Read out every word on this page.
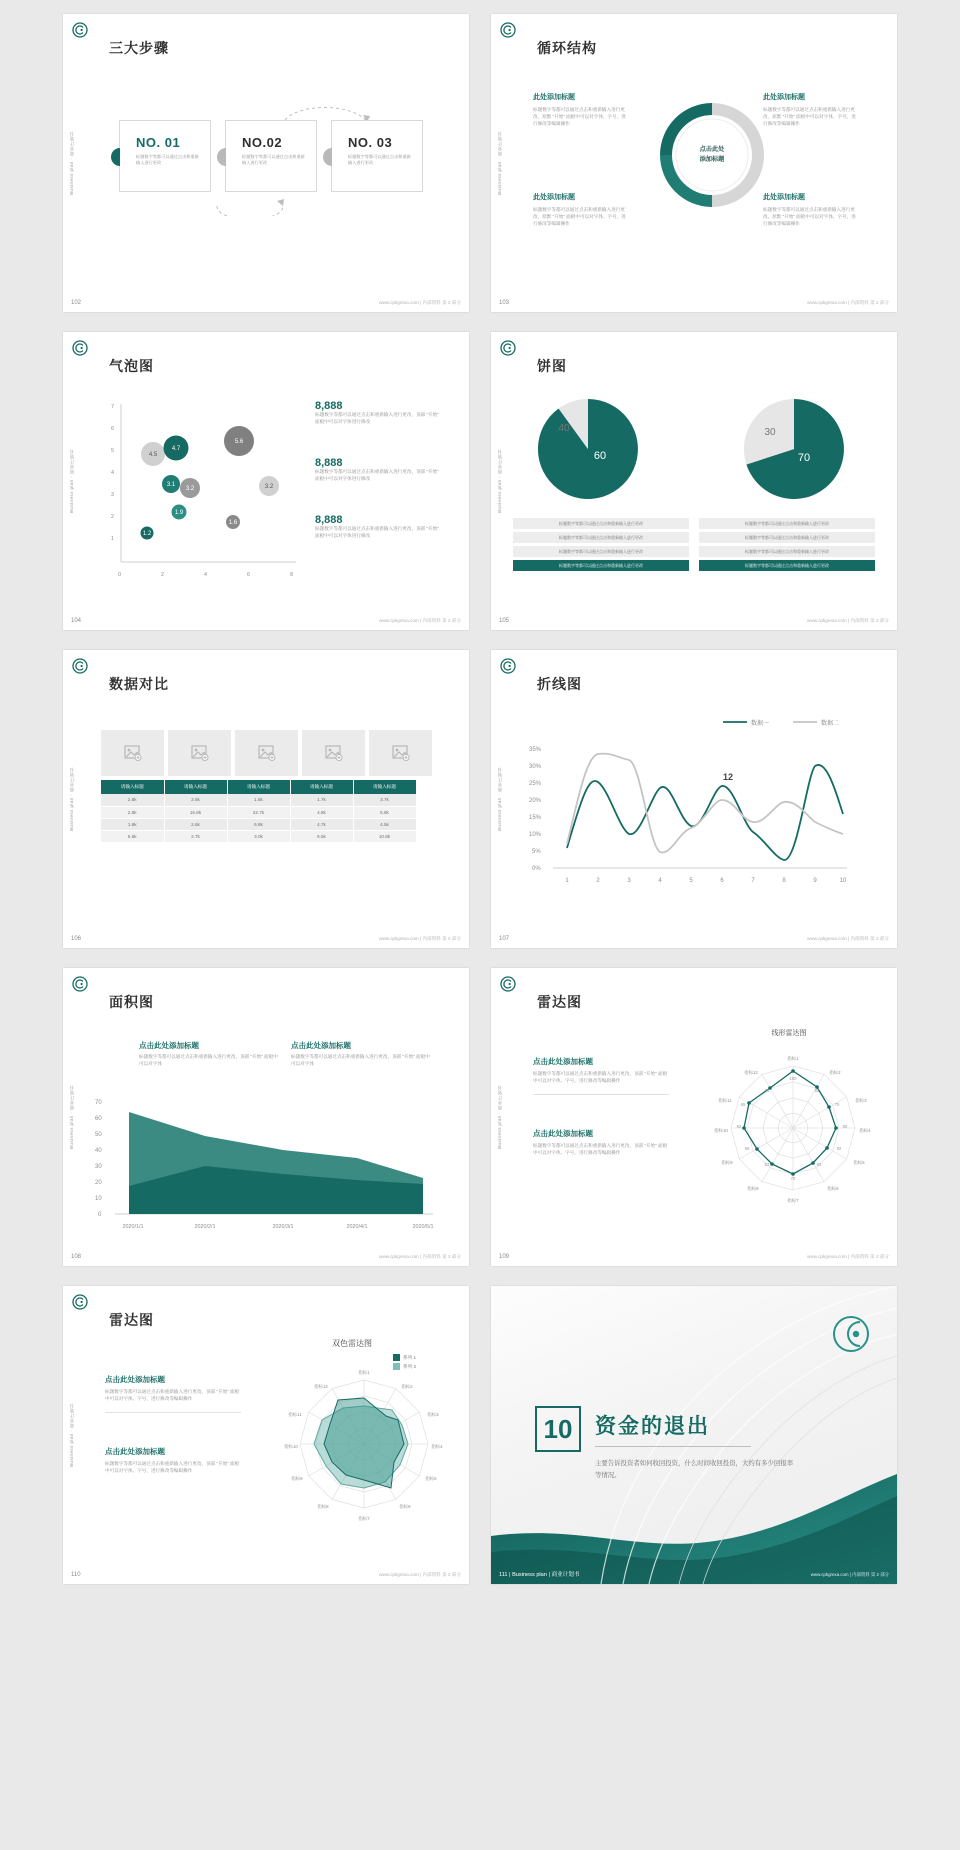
Business plan · 商业计划书
三大步骤
NO. 01
标题数字等都可以通过点击和重新输入进行更改
NO.02
标题数字等都可以通过点击和重新输入进行更改
NO. 03
标题数字等都可以通过点击和重新输入进行更改
102	www.cpkgrexa.com | 内部资料 第 2 部分
Business plan · 商业计划书
循环结构
点击此处
添加标题
此处添加标题
标题数字等都可以通过点击和重新输入进行更改，原默 “开始” 面板中可以对字体、字号，进行修改等编辑操作
此处添加标题
标题数字等都可以通过点击和重新输入进行更改，原默 “开始” 面板中可以对字体、字号，进行修改等编辑操作
此处添加标题
标题数字等都可以通过点击和重新输入进行更改，原默 “开始” 面板中可以对字体、字号，进行修改等编辑操作
此处添加标题
标题数字等都可以通过点击和重新输入进行更改，原默 “开始” 面板中可以对字体、字号，进行修改等编辑操作
103	www.cpkgrexa.com | 内部资料 第 2 部分
Business plan · 商业计划书
气泡图
7
6
5
4
3
2
1
0	2	4	6	8
4.5
4.7
3.1
3.2
5.6
3.2
1.9
1.2
1.6
8,888
标题数字等都可以通过点击和重新输入进行更改，顶部 “开始” 面板中可以对字体进行修改
8,888
标题数字等都可以通过点击和重新输入进行更改，顶部 “开始” 面板中可以对字体进行修改
8,888
标题数字等都可以通过点击和重新输入进行更改，顶部 “开始” 面板中可以对字体进行修改
104	www.cpkgrexa.com | 内部资料 第 2 部分
Business plan · 商业计划书
饼图
60
40
70
30
标题数字等都可以通过点击和重新输入进行更改
标题数字等都可以通过点击和重新输入进行更改
标题数字等都可以通过点击和重新输入进行更改
标题数字等都可以通过点击和重新输入进行更改
标题数字等都可以通过点击和重新输入进行更改
标题数字等都可以通过点击和重新输入进行更改
标题数字等都可以通过点击和重新输入进行更改
标题数字等都可以通过点击和重新输入进行更改
105	www.cpkgrexa.com | 内部资料 第 2 部分
Business plan · 商业计划书
数据对比
请输入标题	请输入标题	请输入标题	请输入标题	请输入标题
2.8k	2.5k	1.6k	1.7k	3.7k
2.8k	16.8k	22.7k	4.8k	5.8k
1.6k	2.6k	6.8k	4.7k	4.5k
5.6k	2.7k	3.0k	6.5k	10.8k
106	www.cpkgrexa.com | 内部资料 第 2 部分
Business plan · 商业计划书
折线图
35%
30%
25%
20%
15%
10%
5%
0%
1	2	3	4	5	6	7	8	9	10
12
数据一	数据二
107	www.cpkgrexa.com | 内部资料 第 2 部分
Business plan · 商业计划书
面积图
点击此处添加标题
标题数字等都可以通过点击和重新输入进行更改，顶部 “开始” 面板中可以对字体
点击此处添加标题
标题数字等都可以通过点击和重新输入进行更改，顶部 “开始” 面板中可以对字体
70
60
50
40
30
20
10
0
2020/1/1	2020/2/1	2020/3/1	2020/4/1	2020/5/1
108	www.cpkgrexa.com | 内部资料 第 2 部分
Business plan · 商业计划书
雷达图
点击此处添加标题
标题数字等都可以通过点击和重新输入进行更改，顶部 “开始” 面板中可以对字体、字号，进行修改等编辑操作
点击此处添加标题
标题数字等都可以通过点击和重新输入进行更改，顶部 “开始” 面板中可以对字体、字号，进行修改等编辑操作
线形雷达图
指标1
指标2
指标3
指标4
指标5
指标6
指标7
指标8
指标9
指标10
指标11
指标12
100
92
70
90
92
83
70
83
90
92
95
95
109	www.cpkgrexa.com | 内部资料 第 2 部分
Business plan · 商业计划书
雷达图
点击此处添加标题
标题数字等都可以通过点击和重新输入进行更改，顶部 “开始” 面板中可以对字体、字号，进行修改等编辑操作
点击此处添加标题
标题数字等都可以通过点击和重新输入进行更改，顶部 “开始” 面板中可以对字体、字号，进行修改等编辑操作
双色雷达图
系列 1
系列 2
指标1
指标2
指标3
指标4
指标5
指标6
指标7
指标8
指标9
指标10
指标11
指标12
110	www.cpkgrexa.com | 内部资料 第 2 部分
10	资金的退出
主要告诉投资者如何收回投资，什么时间收回投资，大约有多少回报率等情况。
111 | Business plan | 商业计划书	www.cpkgrexa.com | 内部资料 第 2 部分
